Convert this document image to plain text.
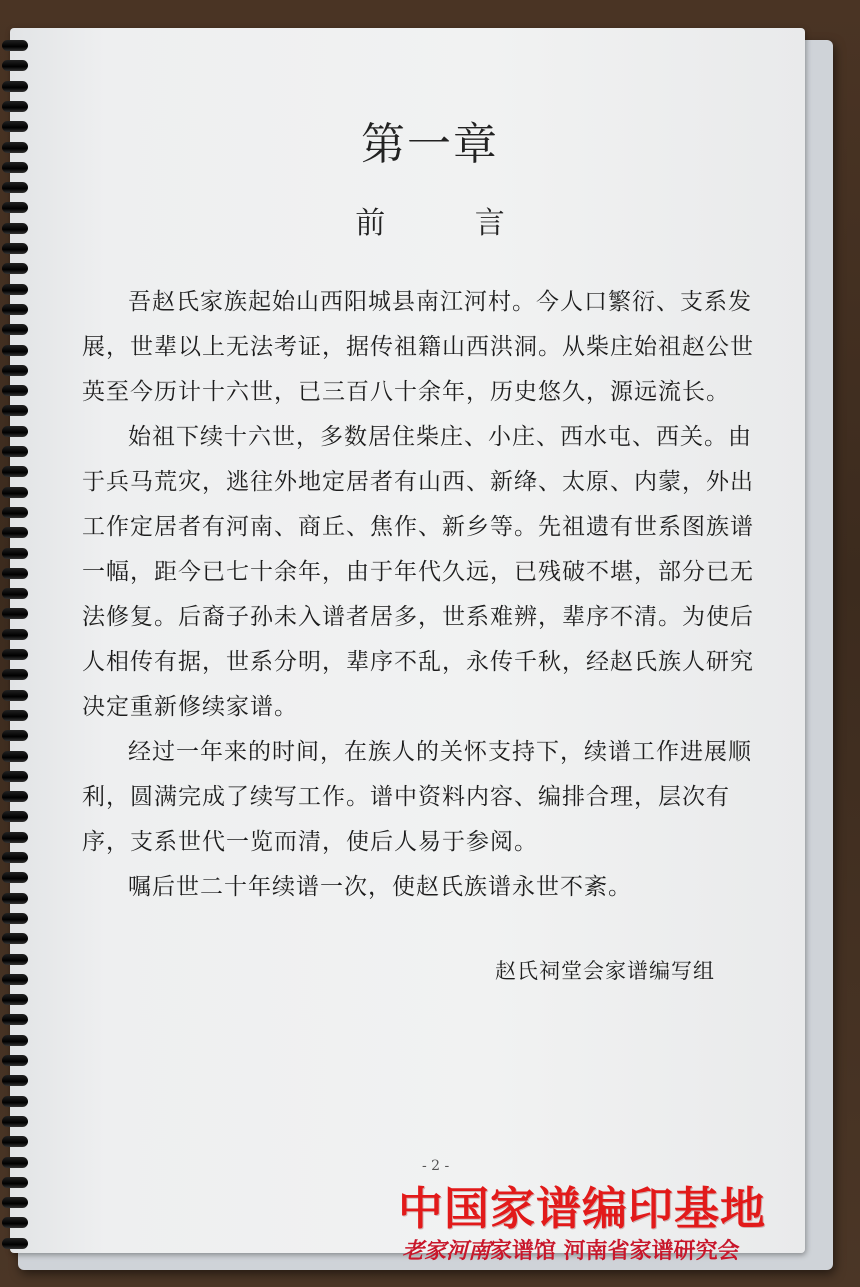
第一章
前 言

吾赵氏家族起始山西阳城县南江河村。今人口繁衍、支系发展，世辈以上无法考证，据传祖籍山西洪洞。从柴庄始祖赵公世英至今历计十六世，已三百八十余年，历史悠久，源远流长。

始祖下续十六世，多数居住柴庄、小庄、西水屯、西关。由于兵马荒灾，逃往外地定居者有山西、新绛、太原、内蒙，外出工作定居者有河南、商丘、焦作、新乡等。先祖遗有世系图族谱一幅，距今已七十余年，由于年代久远，已残破不堪，部分已无法修复。后裔子孙未入谱者居多，世系难辨，辈序不清。为使后人相传有据，世系分明，辈序不乱，永传千秋，经赵氏族人研究决定重新修续家谱。

经过一年来的时间，在族人的关怀支持下，续谱工作进展顺利，圆满完成了续写工作。谱中资料内容、编排合理，层次有序，支系世代一览而清，使后人易于参阅。

嘱后世二十年续谱一次，使赵氏族谱永世不紊。

赵氏祠堂会家谱编写组
- 2 -
中国家谱编印基地
老家河南家谱馆 河南省家谱研究会
